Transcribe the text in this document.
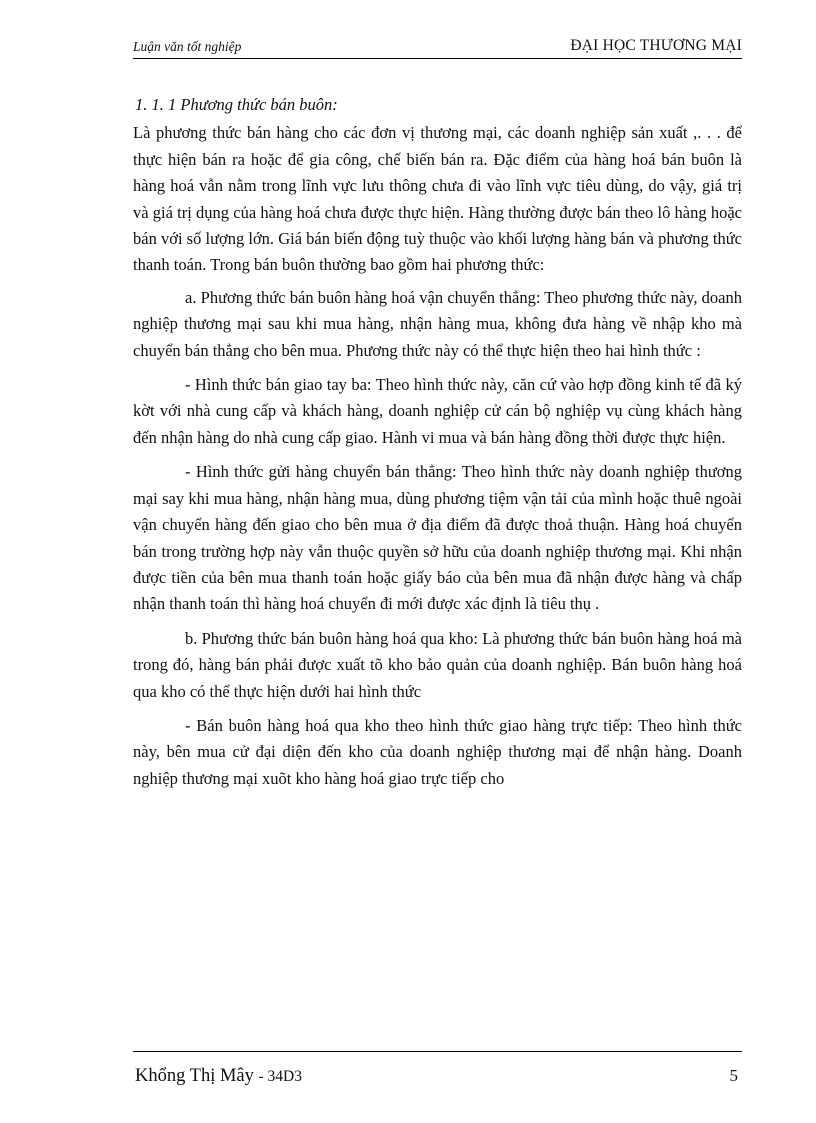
Luận văn tốt nghiệp	ĐẠI HỌC THƯƠNG MẠI
1. 1. 1 Phương thức bán buôn:

Là phương thức bán hàng cho các đơn vị thương mại, các doanh nghiệp sản xuất ,. . . để thực hiện bán ra hoặc để gia công, chế biến bán ra. Đặc điểm của hàng hoá bán buôn là hàng hoá vẫn nằm trong lĩnh vực lưu thông chưa đi vào lĩnh vực tiêu dùng, do vậy, giá trị và giá trị dụng của hàng hoá chưa được thực hiện. Hàng thường được bán theo lô hàng hoặc bán với số lượng lớn. Giá bán biến động tuỳ thuộc vào khối lượng hàng bán và phương thức thanh toán. Trong bán buôn thường bao gồm hai phương thức:

a. Phương thức bán buôn hàng hoá vận chuyển thẳng: Theo phương thức này, doanh nghiệp thương mại sau khi mua hàng, nhận hàng mua, không đưa hàng về nhập kho mà chuyển bán thẳng cho bên mua. Phương thức này có thể thực hiện theo hai hình thức :

- Hình thức bán giao tay ba: Theo hình thức này, căn cứ vào hợp đồng kinh tế đã ký kờt với nhà cung cấp và khách hàng, doanh nghiệp cử cán bộ nghiệp vụ cùng khách hàng đến nhận hàng do nhà cung cấp giao. Hành vi mua và bán hàng đồng thời được thực hiện.

- Hình thức gửi hàng chuyển bán thẳng: Theo hình thức này doanh nghiệp thương mại say khi mua hàng, nhận hàng mua, dùng phương tiệm vận tải của mình hoặc thuê ngoài vận chuyển hàng đến giao cho bên mua ở địa điểm đã được thoả thuận. Hàng hoá chuyển bán trong trường hợp này vẫn thuộc quyền sở hữu của doanh nghiệp thương mại. Khi nhận được tiền của bên mua thanh toán hoặc giấy báo của bên mua đã nhận được hàng và chấp nhận thanh toán thì hàng hoá chuyển đi mới được xác định là tiêu thụ .

b. Phương thức bán buôn hàng hoá qua kho: Là phương thức bán buôn hàng hoá mà trong đó, hàng bán phải được xuất tõ kho bảo quản của doanh nghiệp. Bán buôn hàng hoá qua kho có thể thực hiện dưới hai hình thức

- Bán buôn hàng hoá qua kho theo hình thức giao hàng trực tiếp: Theo hình thức này, bên mua cử đại diện đến kho của doanh nghiệp thương mại để nhận hàng. Doanh nghiệp thương mại xuõt kho hàng hoá giao trực tiếp cho

Khổng Thị Mây - 34D3	5
